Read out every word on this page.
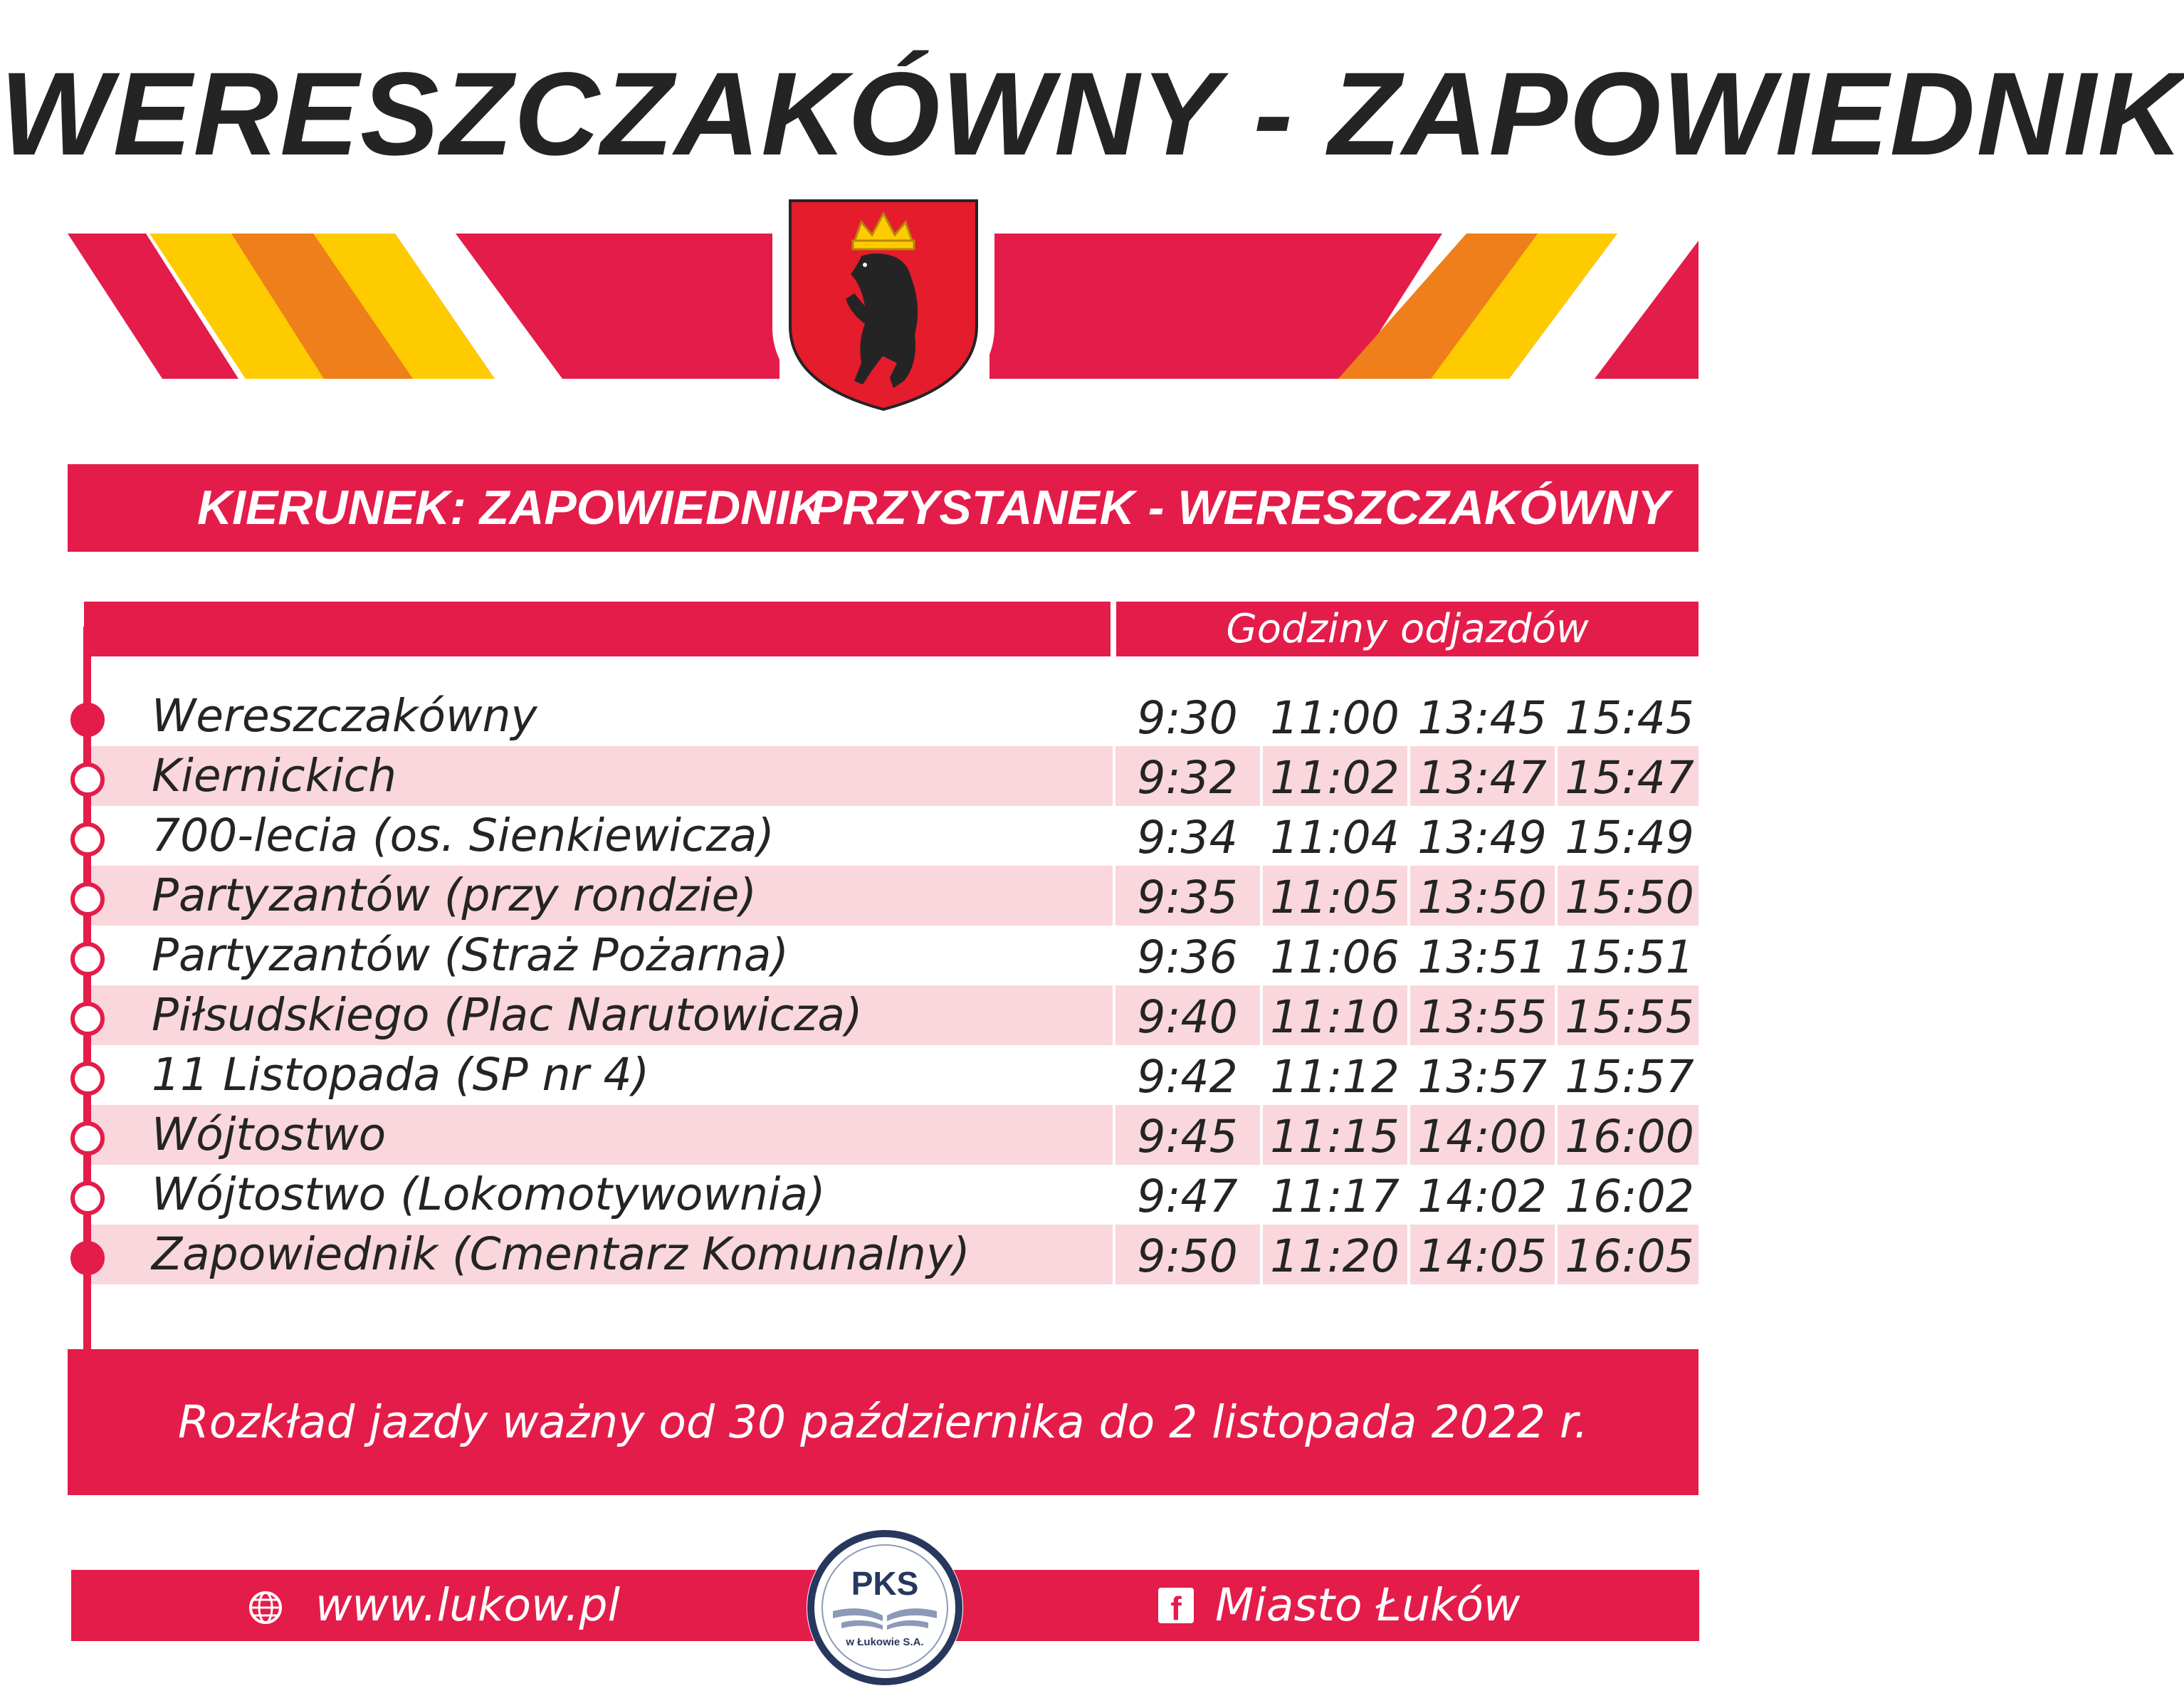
WERESZCZAKÓWNY - ZAPOWIEDNIK
KIERUNEK: ZAPOWIEDNIK
PRZYSTANEK - WERESZCZAKÓWNY
Godziny odjazdów
Wereszczakówny	9:30 11:00 13:45 15:45
Kiernickich	9:32 11:02 13:47 15:47
700-lecia (os. Sienkiewicza)	9:34 11:04 13:49 15:49
Partyzantów (przy rondzie)	9:35 11:05 13:50 15:50
Partyzantów (Straż Pożarna)	9:36 11:06 13:51 15:51
Piłsudskiego (Plac Narutowicza)	9:40 11:10 13:55 15:55
11 Listopada (SP nr 4)	9:42 11:12 13:57 15:57
Wójtostwo	9:45 11:15 14:00 16:00
Wójtostwo (Lokomotywownia)	9:47 11:17 14:02 16:02
Zapowiednik (Cmentarz Komunalny)	9:50 11:20 14:05 16:05
Rozkład jazdy ważny od 30 października do 2 listopada 2022 r.
www.lukow.pl	f Miasto Łuków
PKS
w Łukowie S.A.
